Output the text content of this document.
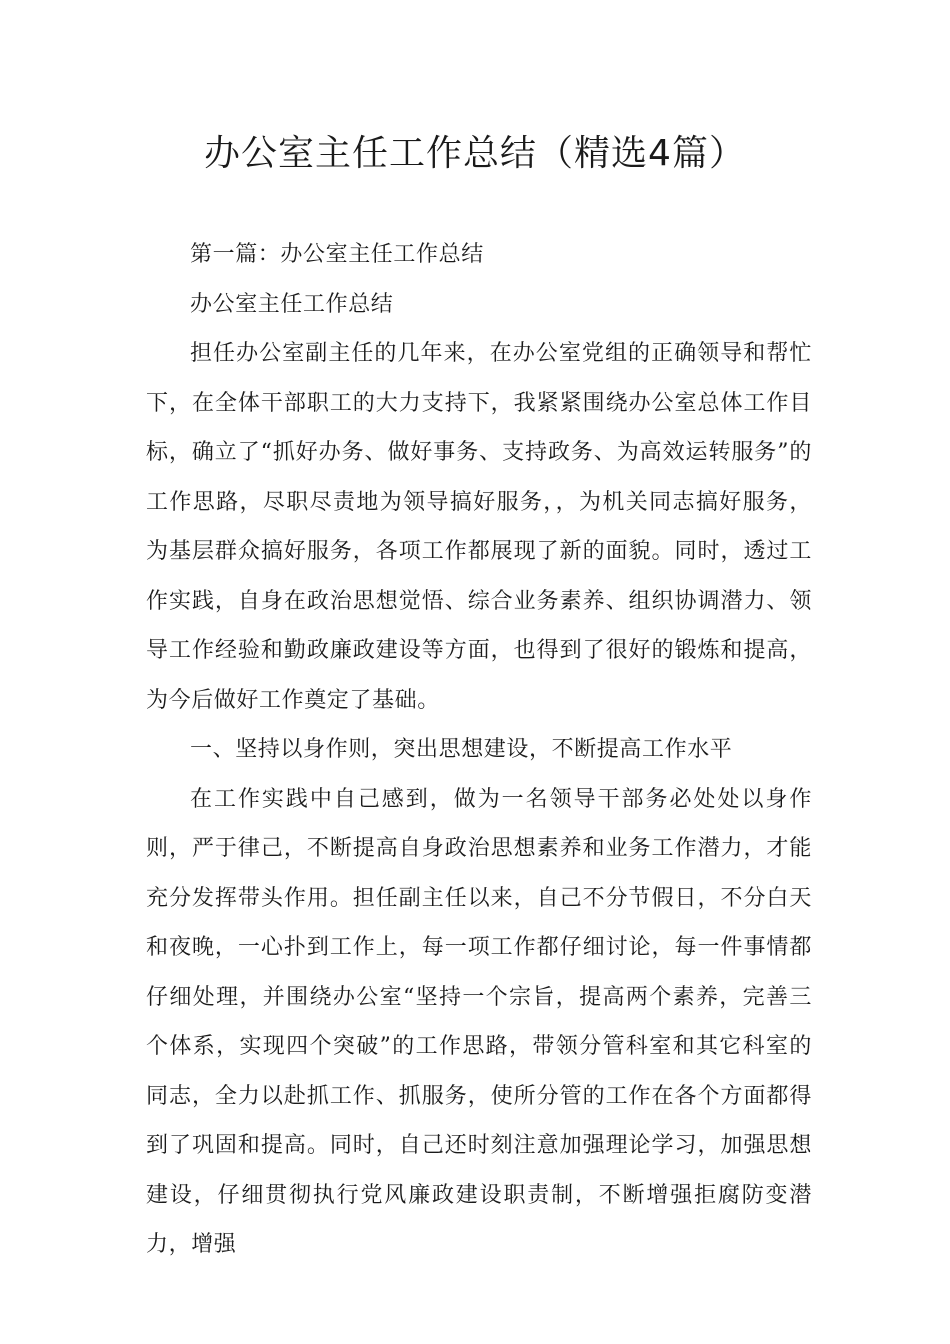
办公室主任工作总结（精选4篇）

第一篇：办公室主任工作总结

办公室主任工作总结

担任办公室副主任的几年来，在办公室党组的正确领导和帮忙下，在全体干部职工的大力支持下，我紧紧围绕办公室总体工作目标，确立了“抓好办务、做好事务、支持政务、为高效运转服务”的工作思路，尽职尽责地为领导搞好服务，，为机关同志搞好服务，为基层群众搞好服务，各项工作都展现了新的面貌。同时，透过工作实践，自身在政治思想觉悟、综合业务素养、组织协调潜力、领导工作经验和勤政廉政建设等方面，也得到了很好的锻炼和提高，为今后做好工作奠定了基础。

一、坚持以身作则，突出思想建设，不断提高工作水平

在工作实践中自己感到，做为一名领导干部务必处处以身作则，严于律己，不断提高自身政治思想素养和业务工作潜力，才能充分发挥带头作用。担任副主任以来，自己不分节假日，不分白天和夜晚，一心扑到工作上，每一项工作都仔细讨论，每一件事情都仔细处理，并围绕办公室“坚持一个宗旨，提高两个素养，完善三个体系，实现四个突破”的工作思路，带领分管科室和其它科室的同志，全力以赴抓工作、抓服务，使所分管的工作在各个方面都得到了巩固和提高。同时，自己还时刻注意加强理论学习，加强思想建设，仔细贯彻执行党风廉政建设职责制，不断增强拒腐防变潜力，增强
